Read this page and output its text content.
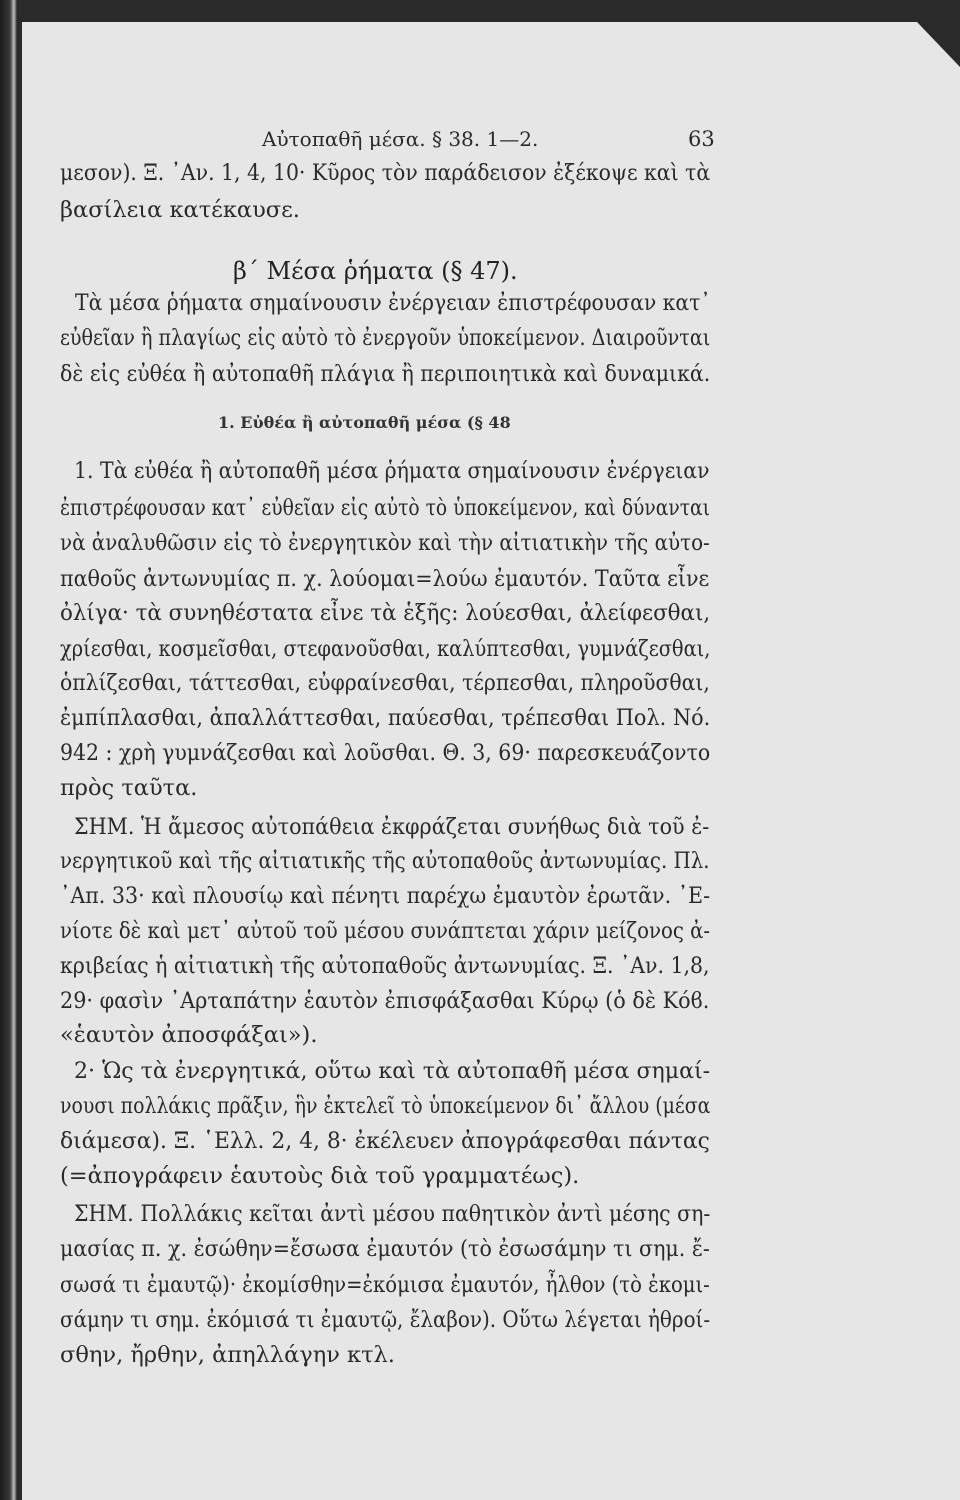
Αὐτοπαθῆ μέσα. § 38. 1—2.	63
μεσον). Ξ. ᾿Αν. 1, 4, 10· Κῦρος τὸν παράδεισον ἐξέκοψε καὶ τὰ
βασίλεια κατέκαυσε.
β΄ Μέσα ῥήματα (§ 47).
Τὰ μέσα ῥήματα σημαίνουσιν ἐνέργειαν ἐπιστρέφουσαν κατ᾿
εὐθεῖαν ἢ πλαγίως εἰς αὐτὸ τὸ ἐνεργοῦν ὑποκείμενον. Διαιροῦνται
δὲ εἰς εὐθέα ἢ αὐτοπαθῆ πλάγια ἢ περιποιητικὰ καὶ δυναμικά.
1. Εὐθέα ἢ αὐτοπαθῆ μέσα (§ 48
1. Τὰ εὐθέα ἢ αὐτοπαθῆ μέσα ῥήματα σημαίνουσιν ἐνέργειαν
ἐπιστρέφουσαν κατ᾿ εὐθεῖαν εἰς αὐτὸ τὸ ὑποκείμενον, καὶ δύνανται
νὰ ἀναλυθῶσιν εἰς τὸ ἐνεργητικὸν καὶ τὴν αἰτιατικὴν τῆς αὐτο-
παθοῦς ἀντωνυμίας π. χ. λούομαι=λούω ἐμαυτόν. Ταῦτα εἶνε
ὀλίγα· τὰ συνηθέστατα εἶνε τὰ ἑξῆς: λούεσθαι, ἀλείφεσθαι,
χρίεσθαι, κοσμεῖσθαι, στεφανοῦσθαι, καλύπτεσθαι, γυμνάζεσθαι,
ὁπλίζεσθαι, τάττεσθαι, εὐφραίνεσθαι, τέρπεσθαι, πληροῦσθαι,
ἐμπίπλασθαι, ἀπαλλάττεσθαι, παύεσθαι, τρέπεσθαι Πολ. Νό.
942 : χρὴ γυμνάζεσθαι καὶ λοῦσθαι. Θ. 3, 69· παρεσκευάζοντο
πρὸς ταῦτα.
ΣΗΜ. Ἡ ἄμεσος αὐτοπάθεια ἐκφράζεται συνήθως διὰ τοῦ ἐ-
νεργητικοῦ καὶ τῆς αἰτιατικῆς τῆς αὐτοπαθοῦς ἀντωνυμίας. Πλ.
᾿Απ. 33· καὶ πλουσίῳ καὶ πένητι παρέχω ἐμαυτὸν ἐρωτᾶν. ᾿Ε-
νίοτε δὲ καὶ μετ᾿ αὐτοῦ τοῦ μέσου συνάπτεται χάριν μείζονος ἀ-
κριβείας ἡ αἰτιατικὴ τῆς αὐτοπαθοῦς ἀντωνυμίας. Ξ. ᾿Αν. 1,8,
29· φασὶν ᾿Αρταπάτην ἑαυτὸν ἐπισφάξασθαι Κύρῳ (ὁ δὲ Κόϐ.
«ἑαυτὸν ἀποσφάξαι»).
2· Ὡς τὰ ἐνεργητικά, οὕτω καὶ τὰ αὐτοπαθῆ μέσα σημαί-
νουσι πολλάκις πρᾶξιν, ἣν ἐκτελεῖ τὸ ὑποκείμενον δι᾿ ἄλλου (μέσα
διάμεσα). Ξ. ῾Ελλ. 2, 4, 8· ἐκέλευεν ἀπογράφεσθαι πάντας
(=ἀπογράφειν ἑαυτοὺς διὰ τοῦ γραμματέως).
ΣΗΜ. Πολλάκις κεῖται ἀντὶ μέσου παθητικὸν ἀντὶ μέσης ση-
μασίας π. χ. ἐσώθην=ἔσωσα ἐμαυτόν (τὸ ἐσωσάμην τι σημ. ἔ-
σωσά τι ἐμαυτῷ)· ἐκομίσθην=ἐκόμισα ἐμαυτόν, ἦλθον (τὸ ἐκομι-
σάμην τι σημ. ἐκόμισά τι ἐμαυτῷ, ἔλαβον). Οὕτω λέγεται ἠθροί-
σθην, ἤρθην, ἀπηλλάγην κτλ.
